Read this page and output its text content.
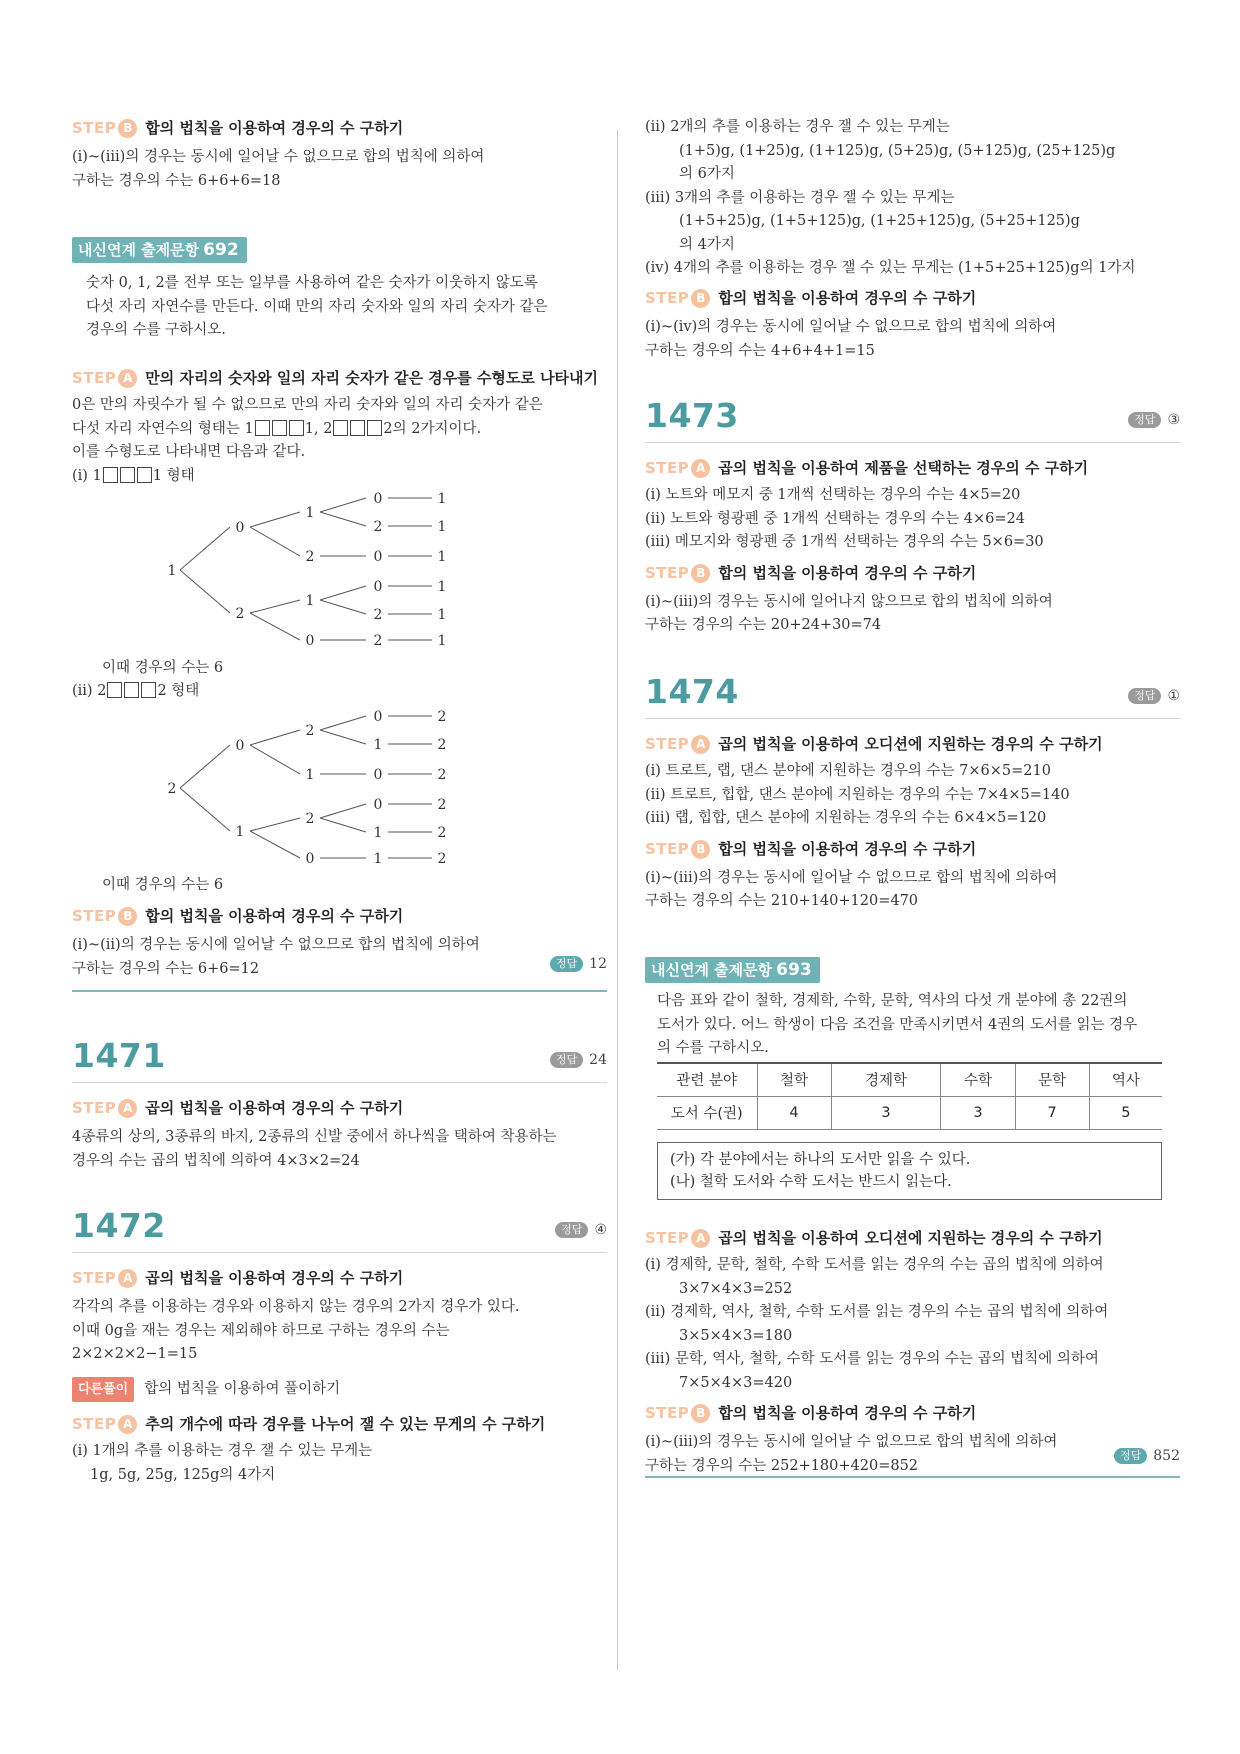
STEP B 합의 법칙을 이용하여 경우의 수 구하기
(ⅰ)~(ⅲ)의 경우는 동시에 일어날 수 없으므로 합의 법칙에 의하여
구하는 경우의 수는 6+6+6=18
내신연계 출제문항 692
숫자 0, 1, 2를 전부 또는 일부를 사용하여 같은 숫자가 이웃하지 않도록
다섯 자리 자연수를 만든다. 이때 만의 자리 숫자와 일의 자리 숫자가 같은
경우의 수를 구하시오.
STEP A 만의 자리의 숫자와 일의 자리 숫자가 같은 경우를 수형도로 나타내기
0은 만의 자릿수가 될 수 없으므로 만의 자리 숫자와 일의 자리 숫자가 같은
다섯 자리 자연수의 형태는 1	1, 2	2의 2가지이다.
이를 수형도로 나타내면 다음과 같다.
(ⅰ) 1	1 형태
1
0
2
1
2
1
0
0	1
2	1
0	1
0	1
2	1
2	1
이때 경우의 수는 6
(ⅱ) 2	2 형태
2
0
1
2
1
2
0
0	2
1	2
0	2
0	2
1	2
1	2
이때 경우의 수는 6
STEP B 합의 법칙을 이용하여 경우의 수 구하기
(ⅰ)~(ⅱ)의 경우는 동시에 일어날 수 없으므로 합의 법칙에 의하여
구하는 경우의 수는 6+6=12	정답 12
1471	정답 24
STEP A 곱의 법칙을 이용하여 경우의 수 구하기
4종류의 상의, 3종류의 바지, 2종류의 신발 중에서 하나씩을 택하여 착용하는
경우의 수는 곱의 법칙에 의하여 4×3×2=24
1472	정답 ④
STEP A 곱의 법칙을 이용하여 경우의 수 구하기
각각의 추를 이용하는 경우와 이용하지 않는 경우의 2가지 경우가 있다.
이때 0g을 재는 경우는 제외해야 하므로 구하는 경우의 수는
2×2×2×2−1=15
다른풀이 합의 법칙을 이용하여 풀이하기
STEP A 추의 개수에 따라 경우를 나누어 잴 수 있는 무게의 수 구하기
(ⅰ) 1개의 추를 이용하는 경우 잴 수 있는 무게는
1g, 5g, 25g, 125g의 4가지
(ⅱ) 2개의 추를 이용하는 경우 잴 수 있는 무게는
(1+5)g, (1+25)g, (1+125)g, (5+25)g, (5+125)g, (25+125)g
의 6가지
(ⅲ) 3개의 추를 이용하는 경우 잴 수 있는 무게는
(1+5+25)g, (1+5+125)g, (1+25+125)g, (5+25+125)g
의 4가지
(ⅳ) 4개의 추를 이용하는 경우 잴 수 있는 무게는 (1+5+25+125)g의 1가지
STEP B 합의 법칙을 이용하여 경우의 수 구하기
(ⅰ)~(ⅳ)의 경우는 동시에 일어날 수 없으므로 합의 법칙에 의하여
구하는 경우의 수는 4+6+4+1=15
1473	정답 ③
STEP A 곱의 법칙을 이용하여 제품을 선택하는 경우의 수 구하기
(ⅰ) 노트와 메모지 중 1개씩 선택하는 경우의 수는 4×5=20
(ⅱ) 노트와 형광펜 중 1개씩 선택하는 경우의 수는 4×6=24
(ⅲ) 메모지와 형광펜 중 1개씩 선택하는 경우의 수는 5×6=30
STEP B 합의 법칙을 이용하여 경우의 수 구하기
(ⅰ)~(ⅲ)의 경우는 동시에 일어나지 않으므로 합의 법칙에 의하여
구하는 경우의 수는 20+24+30=74
1474	정답 ①
STEP A 곱의 법칙을 이용하여 오디션에 지원하는 경우의 수 구하기
(ⅰ) 트로트, 랩, 댄스 분야에 지원하는 경우의 수는 7×6×5=210
(ⅱ) 트로트, 힙합, 댄스 분야에 지원하는 경우의 수는 7×4×5=140
(ⅲ) 랩, 힙합, 댄스 분야에 지원하는 경우의 수는 6×4×5=120
STEP B 합의 법칙을 이용하여 경우의 수 구하기
(ⅰ)~(ⅲ)의 경우는 동시에 일어날 수 없으므로 합의 법칙에 의하여
구하는 경우의 수는 210+140+120=470
내신연계 출제문항 693
다음 표와 같이 철학, 경제학, 수학, 문학, 역사의 다섯 개 분야에 총 22권의
도서가 있다. 어느 학생이 다음 조건을 만족시키면서 4권의 도서를 읽는 경우
의 수를 구하시오.
관련 분야	철학	경제학	수학	문학	역사
도서 수(권)	4	3	3	7	5
(가) 각 분야에서는 하나의 도서만 읽을 수 있다.
(나) 철학 도서와 수학 도서는 반드시 읽는다.
STEP A 곱의 법칙을 이용하여 오디션에 지원하는 경우의 수 구하기
(ⅰ) 경제학, 문학, 철학, 수학 도서를 읽는 경우의 수는 곱의 법칙에 의하여
3×7×4×3=252
(ⅱ) 경제학, 역사, 철학, 수학 도서를 읽는 경우의 수는 곱의 법칙에 의하여
3×5×4×3=180
(ⅲ) 문학, 역사, 철학, 수학 도서를 읽는 경우의 수는 곱의 법칙에 의하여
7×5×4×3=420
STEP B 합의 법칙을 이용하여 경우의 수 구하기
(ⅰ)~(ⅲ)의 경우는 동시에 일어날 수 없으므로 합의 법칙에 의하여
구하는 경우의 수는 252+180+420=852
정답 852
